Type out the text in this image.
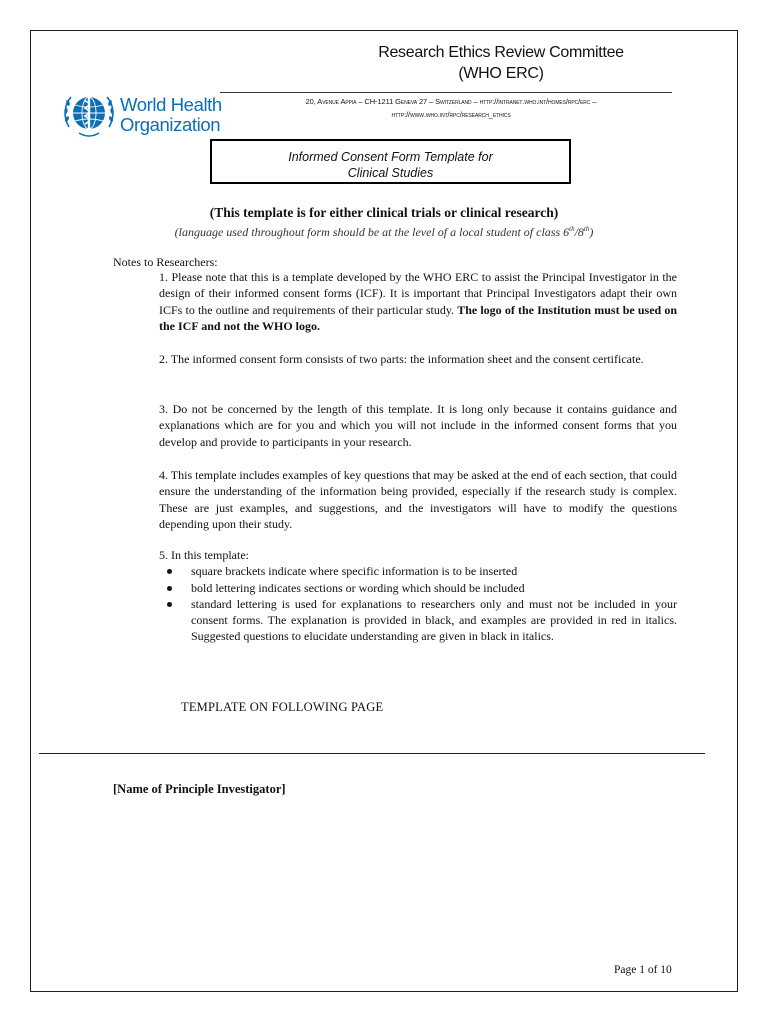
Research Ethics Review Committee
(WHO ERC)
20, Avenue Appia – CH-1211 Geneva 27 – Switzerland – http://intranet.who.int/homes/rpc/erc –
http://www.who.int/rpc/research_ethics
World Health
Organization
Informed Consent Form Template for
Clinical Studies
(This template is for either clinical trials or clinical research)
(language used throughout form should be at the level of a local student of class 6th/8th)
Notes to Researchers:

1. Please note that this is a template developed by the WHO ERC to assist the Principal Investigator in the design of their informed consent forms (ICF). It is important that Principal Investigators adapt their own ICFs to the outline and requirements of their particular study. The logo of the Institution must be used on the ICF and not the WHO logo.

2. The informed consent form consists of two parts: the information sheet and the consent certificate.

3. Do not be concerned by the length of this template. It is long only because it contains guidance and explanations which are for you and which you will not include in the informed consent forms that you develop and provide to participants in your research.

4. This template includes examples of key questions that may be asked at the end of each section, that could ensure the understanding of the information being provided, especially if the research study is complex. These are just examples, and suggestions, and the investigators will have to modify the questions depending upon their study.

5. In this template:

square brackets indicate where specific information is to be inserted
bold lettering indicates sections or wording which should be included
standard lettering is used for explanations to researchers only and must not be included in your consent forms. The explanation is provided in black, and examples are provided in red in italics. Suggested questions to elucidate understanding are given in black in italics.
TEMPLATE ON FOLLOWING PAGE
[Name of Principle Investigator]
Page 1 of 10
